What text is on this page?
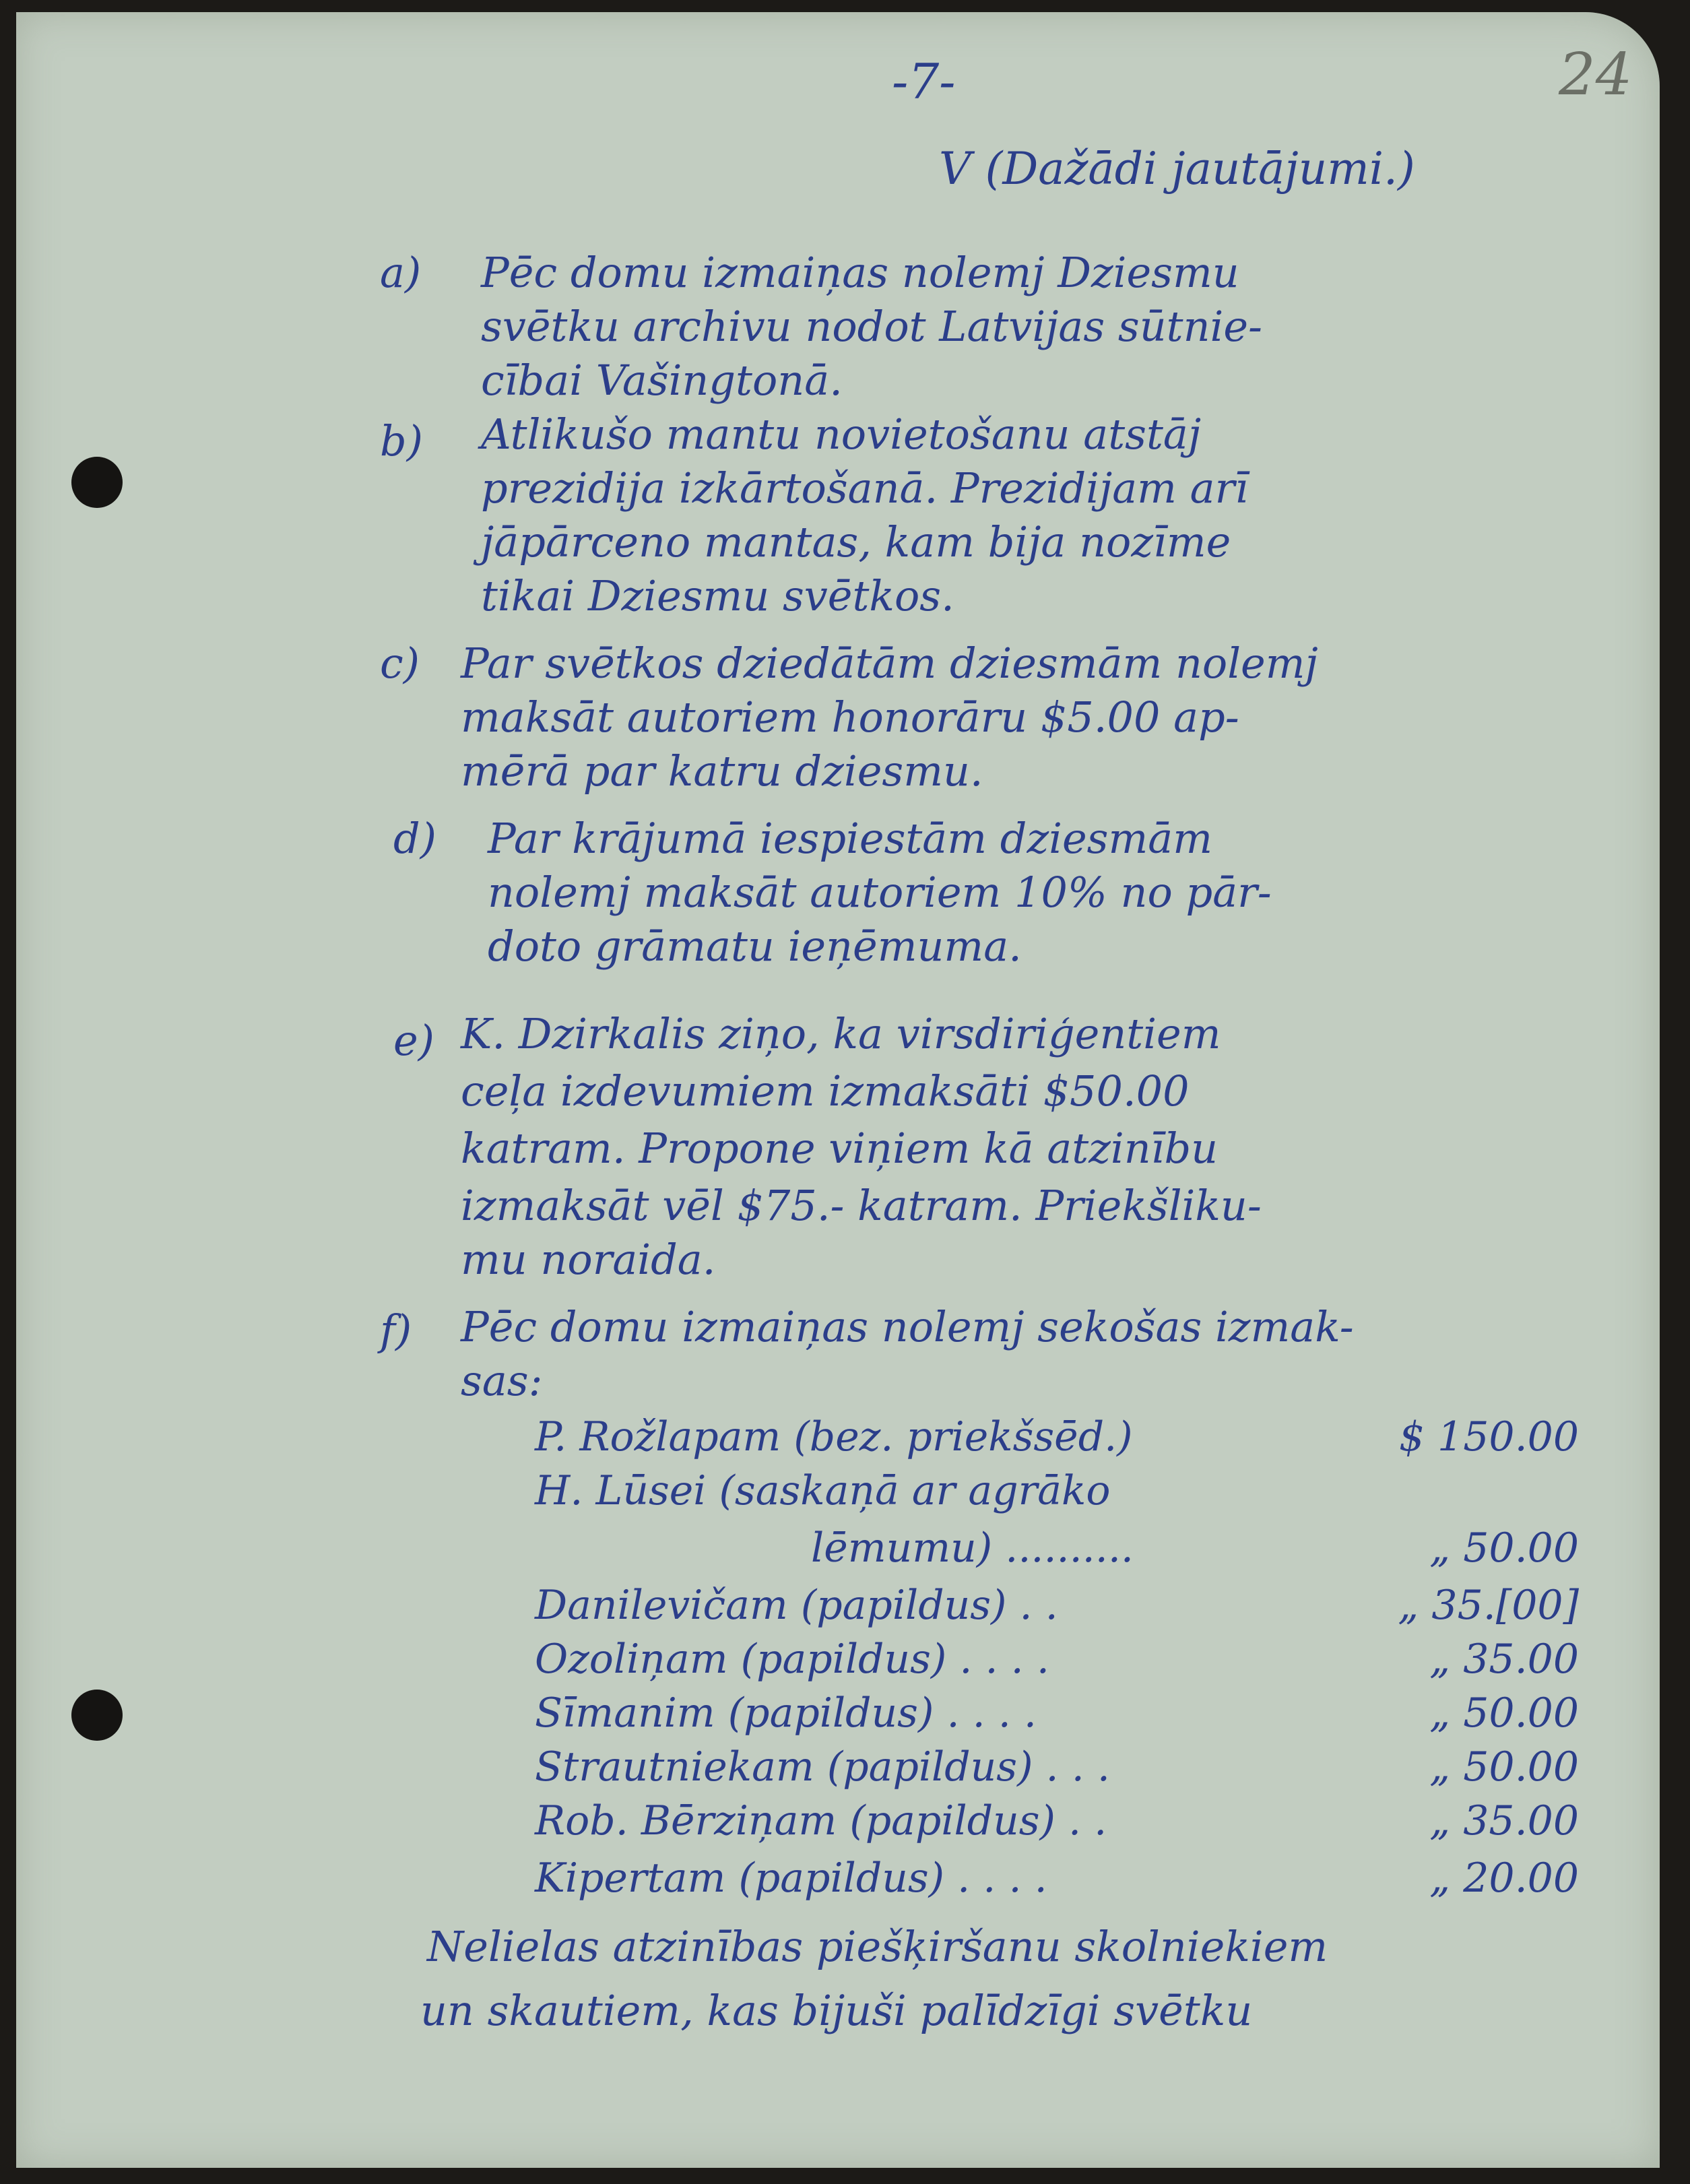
-7-	24
V (Dažādi jautājumi.)
a) Pēc domu izmaiņas nolemj Dziesmu
svētku archivu nodot Latvijas sūtnie-
cībai Vašingtonā.
b) Atlikušo mantu novietošanu atstāj
prezidija izkārtošanā. Prezidijam arī
jāpārceno mantas, kam bija nozīme
tikai Dziesmu svētkos.
c) Par svētkos dziedātām dziesmām nolemj
maksāt autoriem honorāru $5.00 ap-
mērā par katru dziesmu.
d) Par krājumā iespiestām dziesmām
nolemj maksāt autoriem 10% no pār-
doto grāmatu ieņēmuma.
e) K. Dzirkalis ziņo, ka virsdiriģentiem
ceļa izdevumiem izmaksāti $50.00
katram. Propone viņiem kā atzinību
izmaksāt vēl $75.- katram. Priekšliku-
mu noraida.
f) Pēc domu izmaiņas nolemj sekošas izmak-
sas:
P. Rožlapam (bez. priekšsēd.)	$ 150.00
H. Lūsei (saskaņā ar agrāko
lēmumu) ..........	„ 50.00
Danilevičam (papildus) . .	„ 35.[00]
Ozoliņam (papildus) . . . .	„ 35.00
Sīmanim (papildus) . . . .	„ 50.00
Strautniekam (papildus) . . .	„ 50.00
Rob. Bērziņam (papildus) . .	„ 35.00
Kipertam (papildus) . . . .	„ 20.00
Nelielas atzinības piešķiršanu skolniekiem
un skautiem, kas bijuši palīdzīgi svētku
